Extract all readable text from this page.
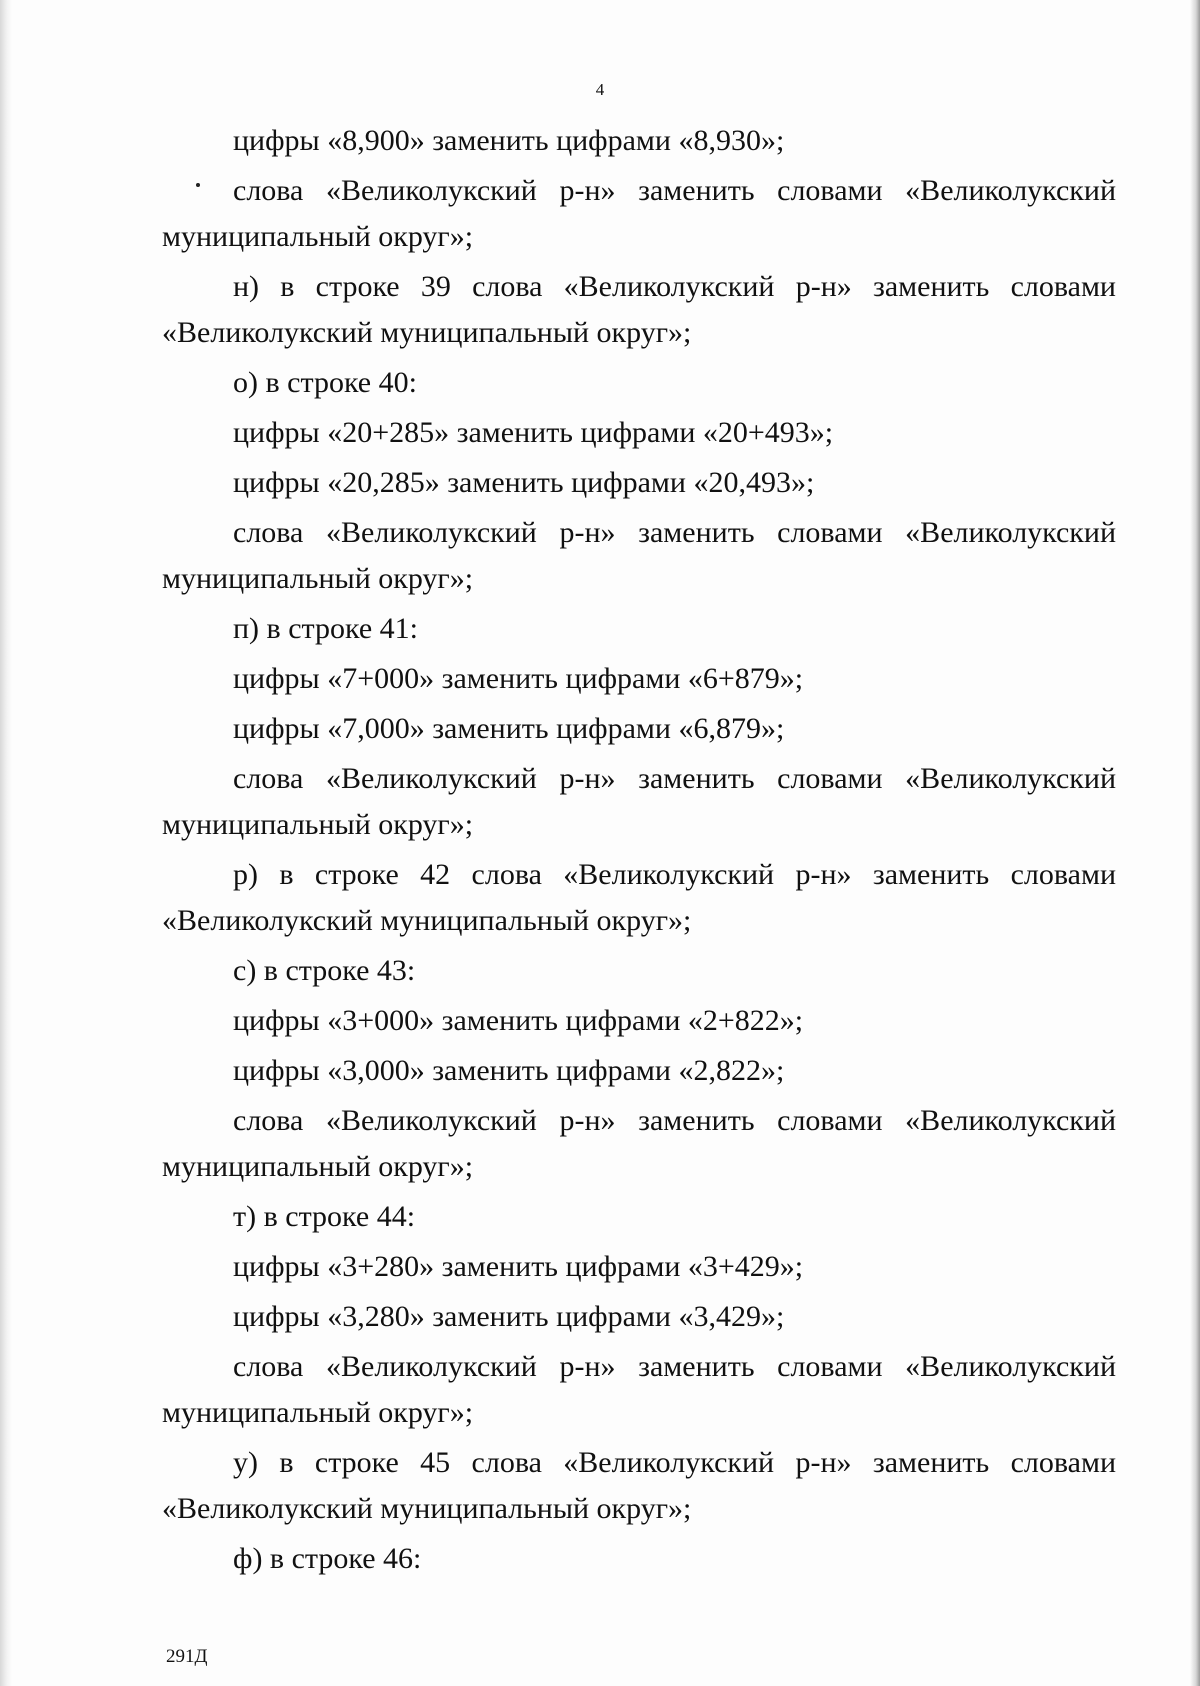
4

цифры «8,900» заменить цифрами «8,930»;

слова «Великолукский р-н» заменить словами «Великолукский муниципальный округ»;

н) в строке 39 слова «Великолукский р-н» заменить словами «Великолукский муниципальный округ»;

о) в строке 40:

цифры «20+285» заменить цифрами «20+493»;

цифры «20,285» заменить цифрами «20,493»;

слова «Великолукский р-н» заменить словами «Великолукский муниципальный округ»;

п) в строке 41:

цифры «7+000» заменить цифрами «6+879»;

цифры «7,000» заменить цифрами «6,879»;

слова «Великолукский р-н» заменить словами «Великолукский муниципальный округ»;

р) в строке 42 слова «Великолукский р-н» заменить словами «Великолукский муниципальный округ»;

с) в строке 43:

цифры «3+000» заменить цифрами «2+822»;

цифры «3,000» заменить цифрами «2,822»;

слова «Великолукский р-н» заменить словами «Великолукский муниципальный округ»;

т) в строке 44:

цифры «3+280» заменить цифрами «3+429»;

цифры «3,280» заменить цифрами «3,429»;

слова «Великолукский р-н» заменить словами «Великолукский муниципальный округ»;

у) в строке 45 слова «Великолукский р-н» заменить словами «Великолукский муниципальный округ»;

ф) в строке 46:

291Д
